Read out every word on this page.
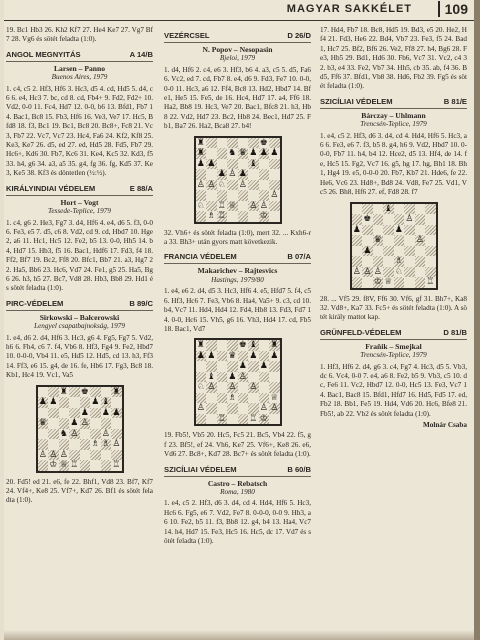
MAGYAR SAKKÉLET	109
19. Bc1 Hb3 26. Kh2 Kf7 27. He4 Ke7 27. Vg7 Bf7 28. Vg6 és sötét feladta (1:0).
ANGOL MEGNYITÁS	A 14/B
Larsen – Panno
Buenos Aires, 1979
1. c4, c5 2. Hf3, Hf6 3. Hc3, d5 4. cd, Hd5 5. d4, c6 6. e4, Hc3 7. bc, cd 8. cd, Fb4+ 9. Fd2, Fd2+ 10. Vd2, 0-0 11. Fc4, Hd7 12. 0-0, b6 13. Bfd1, Fb7 14. Bac1, Bc8 15. Fb3, Hf6 16. Ve3, Ve7 17. Hc5, Bfd8 18. f3, Bc1 19. Bc1, Bc8 20. Bc8+, Fc8 21. Vc3, Fb7 22. Vc7, Vc7 23. Hc4, Fa6 24. Kf2, Kf8 25. Ke3, Ke7 26. d5, ed 27. ed, Hd5 28. Fd5, Fb7 29. Hc6+, Kd6 30. Fb7, Kc6 31. Ke4, Kc5 32. Kd3, f5 33. h4, g6 34. a3, a5 35. g4, fg 36. fg, Kd5 37. Ke3, Ke5 38. Kf3 és döntetlen (½:½).
KIRÁLYINDIAI VÉDELEM	E 88/A
Hort – Vogt
Tessede-Teplice, 1979
1. c4, g6 2. He3, Fg7 3. d4, Hf6 4. e4, d6 5. f3, 0-0 6. Fe3, e5 7. d5, c6 8. Vd2, cd 9. cd, Hbd7 10. Hge2, a6 11. Hc1, Hc5 12. Fe2, b5 13. 0-0, Hh5 14. b4, Hd7 15. Hb3, f5 16. Bac1, Hdf6 17. Fd3, f4 18. Ff2, Bf7 19. Bc2, Ff8 20. Bfc1, Bb7 21. a3, Hg7 22. Ha5, Bb6 23. Hc6, Vd7 24. Fe1, g5 25. Ha5, Bg6 26. h3, h5 27. Bc7, Vd8 28. Hb3, Bb8 29. Hd1 és sötét feladta (1:0).
PIRC-VÉDELEM	B 89/C
Sirkowski – Bałcerowski
Lengyel csapatbajnokság, 1979
1. e4, d6 2. d4, Hf6 3. Hc3, g6 4. Fg5, Fg7 5. Vd2, h6 6. Fh4, c6 7. f4, Vb6 8. Hf3, Fg4 9. Fe2, Hbd7 10. 0-0-0, Vb4 11. e5, Hd5 12. Hd5, cd 13. h3, Ff3 14. Ff3, e6 15. g4, de 16. fe, Hb6 17. Fg3, Bc8 18. Kb1, Hc4 19. Vc1, Va5
♜ ♚	♜
♟ ♟	♟ ♝
♟ ♟ ♟
♛	♟ ♙
♞ ♙	♙
♗ ♗ ♙
♙ ♙ ♙
♔ ♕ ♖	♖
20. Fd5! ed 21. e6, fe 22. Bhf1, Vd8 23. Bf7, Kf7 24. Vf4+, Ke8 25. Vf7+, Kd7 26. Bf1 és sötét feladta (1:0).
VEZÉRCSEL	D 26/D
N. Popov – Nesopasin
Bjeloi, 1979
1. d4, Hf6 2. c4, e6 3. Hf3, b6 4. a3, c5 5. d5, Fa6 6. Vc2, ed 7. cd, Fb7 8. e4, d6 9. Fd3, Fe7 10. 0-0, 0-0 11. Hc3, a6 12. Ff4, Bc8 13. Hd2, Hbd7 14. Bfe1, He5 15. Fe5, de 16. Hc4, Hd7 17. a4, Ff6 18. Ha2, Bb8 19. Hc3, Ve7 20. Bac1, Bfc8 21. h3, Hb8 22. Vd2, Hd7 23. Bc2, Hb8 24. Bec1, Hd7 25. Fb1, Ba7 26. Ha2, Bca8 27. b4!
♜	♚
♜	♞ ♛ ♟ ♟ ♟
♟ ♟	♝
♟ ♙ ♟
♙ ♙ ♘ ♙
♙
♘ ♖ ♕ ♙ ♙
♗ ♖	♔
32. Vh6+ és sötét feladta (1:0), mert 32. ... Kxh6-ra 33. Bh3+ után gyors matt következik.
FRANCIA VÉDELEM	B 07/A
Makarichev – Rajtesvics
Hastings, 1979/80
1. e4, e6 2. d4, d5 3. Hc3, Hf6 4. e5, Hfd7 5. f4, c5 6. Hf3, Hc6 7. Fe3, Vb6 8. Ha4, Va5+ 9. c3, cd 10. b4, Vc7 11. Hd4, Hd4 12. Fd4, Hb8 13. Fd3, Fd7 14. 0-0, Hc6 15. Vh5, g6 16. Vh3, Hd4 17. cd, Fb5 18. Bac1, Vd7
♜	♚ ♝ ♜
♟ ♟ ♛ ♟ ♟
♟ ♟
♝ ♟ ♙
♘ ♙ ♙ ♙
♗	♕
♙	♙ ♙
♖	♖ ♔
19. Fb5!, Vb5 20. Hc5, Fc5 21. Bc5, Vb4 22. f5, gf 23. Bf5!, ef 24. Vh6, Ke7 25. Vf6+, Ke8 26. e6, Vd6 27. Bc8+, Kd7 28. Bc7+ és sötét feladta (1:0).
SZICÍLIAI VÉDELEM	B 60/B
Castro – Rebatsch
Roma, 1980
1. e4, c5 2. Hf3, d6 3. d4, cd 4. Hd4, Hf6 5. Hc3, Hc6 6. Fg5, e6 7. Vd2, Fe7 8. 0-0-0, 0-0 9. Hb3, a6 10. Fe2, b5 11. f3, Bb8 12. g4, b4 13. Ha4, Vc7 14. h4, Hd7 15. Fe3, Hc5 16. Hc5, dc 17. Vd7 és sötét feladta (1:0).
17. Hd4, Fb7 18. Bc8, Hd5 19. Bd3, e5 20. He2, Hf4 21. Fd3, He6 22. Bd4, Vb7 23. Fe3, f5 24. Bad1, Hc7 25. Bf2, Bf6 26. Ve2, Ff8 27. h4, Bg6 28. Fe3, Hb5 29. Bd1, Hd6 30. Fb6, Vc7 31. Vc2, c4 32. b3, e4 33. Fe2, Vb7 34. Hh5, cb 35. ab, f4 36. Bd5, Ff6 37. Bfd1, Vb8 38. Hd6, Fb2 39. Fg5 és sötét feladta (1:0).
SZICÍLIAI VÉDELEM	B 81/E
Bárczay – Uhlmann
Trencsén-Teplice, 1979
1. e4, c5 2. Hf3, d6 3. d4, cd 4. Hd4, Hf6 5. Hc3, a6 6. Fe3, e6 7. f3, b5 8. g4, h6 9. Vd2, Hbd7 10. 0-0-0, Fb7 11. h4, b4 12. Hce2, d5 13. Hf4, de 14. fe, Hc5 15. Fg2, Vc7 16. g5, hg 17. hg, Bh1 18. Bh1, Hg4 19. e5, 0-0-0 20. Fb7, Kb7 21. Hde6, fe 22. He6, Vc6 23. Hd8+, Bd8 24. Vd8, Fe7 25. Vd1, Vc5 26. Bh8, Hf6 27. ef, Fd8 28. f7
♝
♚	♙
♟	♟
♛	♙
♟
♗
♙ ♙ ♙ ♘
♔ ♕	♖
28. ... Vf5 29. f8V, Ff6 30. Vf6, gf 31. Bh7+, Ka8 32. Vd8+, Ka7 33. Fc5+ és sötét feladta (1:0). A sötét király mattot kap.
GRÜNFELD-VÉDELEM	D 81/B
Fraňik – Smejkal
Trencsén-Teplice, 1979
1. Hf3, Hf6 2. d4, g6 3. c4, Fg7 4. Hc3, d5 5. Vb3, dc 6. Vc4, 0-0 7. e4, a6 8. Fe2, b5 9. Vb3, c5 10. dc, Fe6 11. Vc2, Hbd7 12. 0-0, Hc5 13. Fe3, Vc7 14. Bac1, Bac8 15. Bfd1, Hfd7 16. Hd5, Fd5 17. ed, Fb2 18. Bb1, Fe5 19. Hd4, Vd6 20. Hc6, Bfe8 21. Fb5!, ab 22. Vb2 és sötét feladta (1:0).
Molnár Csaba
